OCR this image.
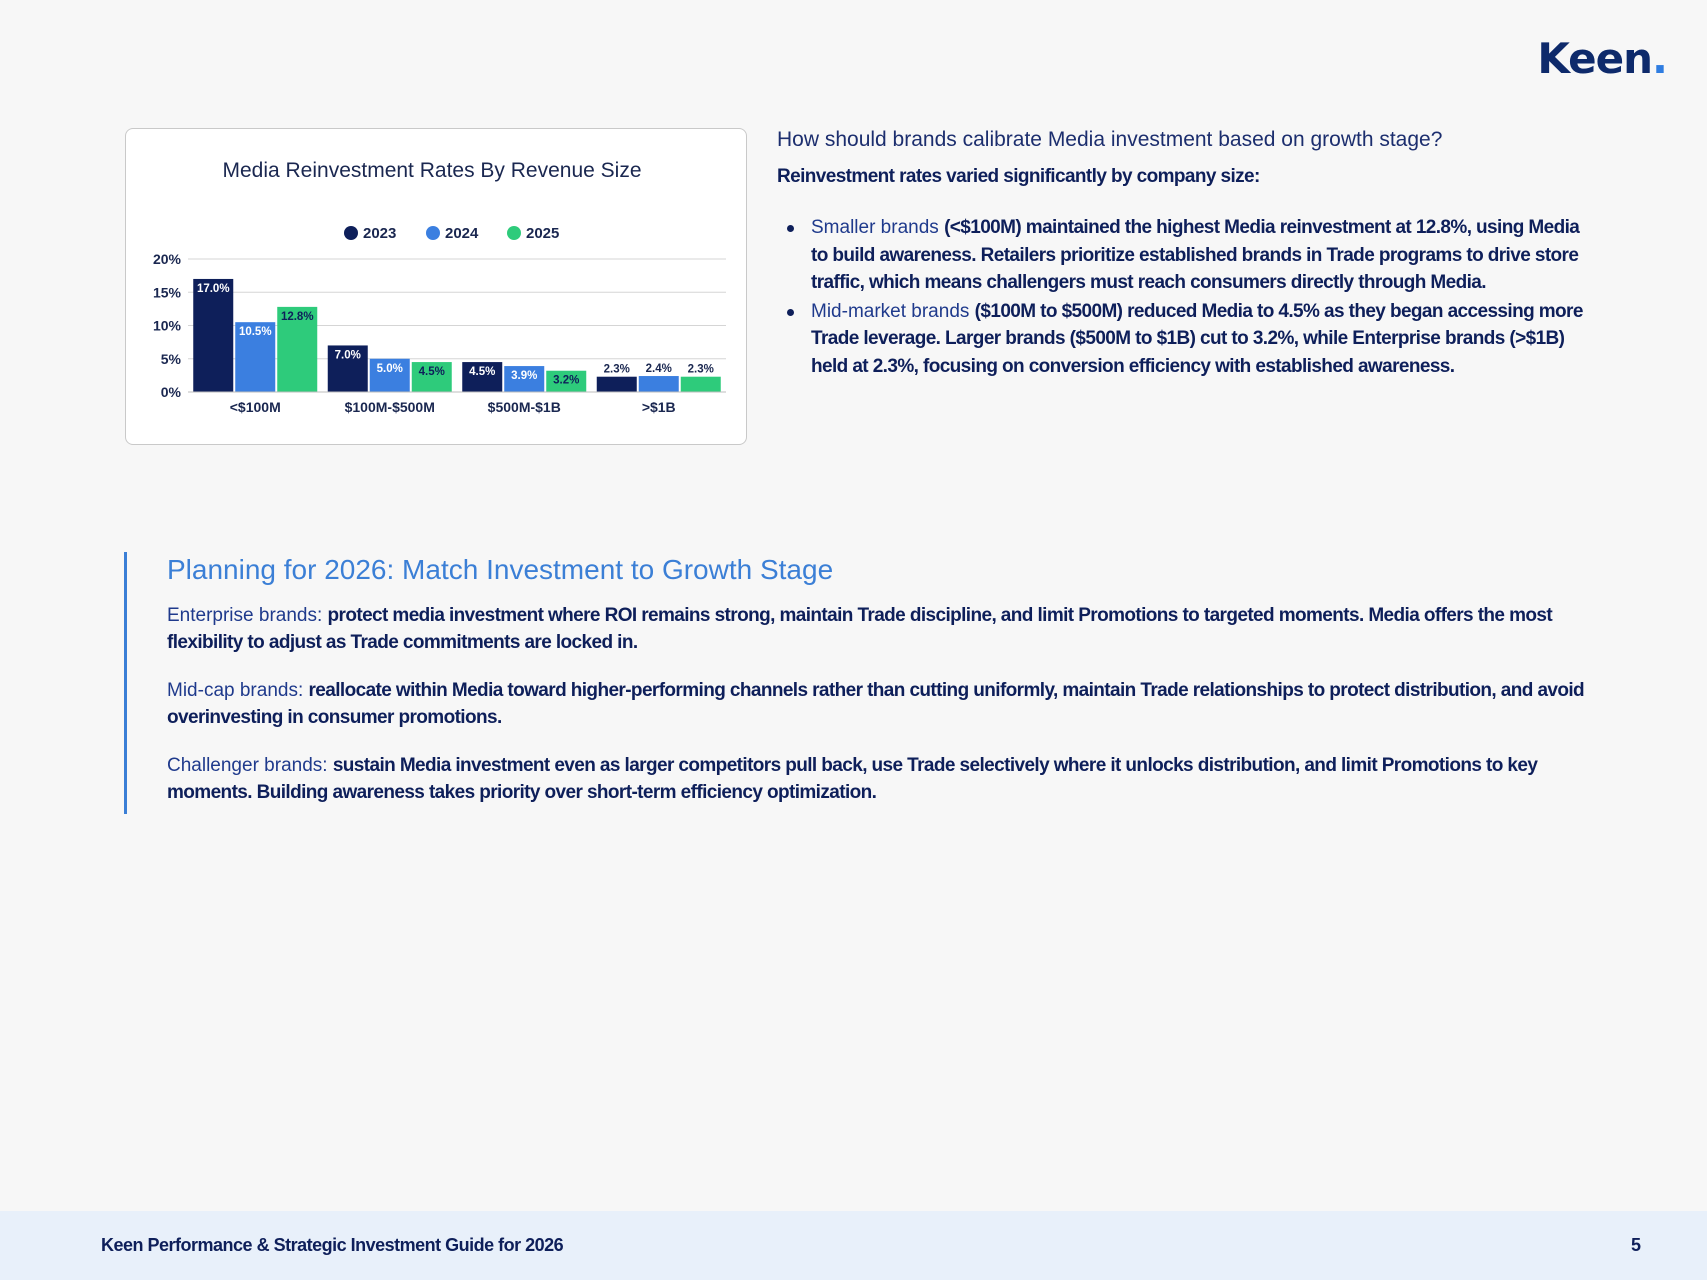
Keen.
Media Reinvestment Rates By Revenue Size
2023	2024	2025
0%
5%
10%
15%
20%
17.0%
10.5%
12.8%
<$100M
7.0%
5.0% 4.5%
$100M-$500M
4.5% 3.9% 3.2%
$500M-$1B
2.3% 2.4% 2.3%
>$1B
How should brands calibrate Media investment based on growth stage?
Reinvestment rates varied significantly by company size:
Smaller brands (<$100M) maintained the highest Media reinvestment at 12.8%, using Media to build awareness. Retailers prioritize established brands in Trade programs to drive store traffic, which means challengers must reach consumers directly through Media.
Mid-market brands ($100M to $500M) reduced Media to 4.5% as they began accessing more Trade leverage. Larger brands ($500M to $1B) cut to 3.2%, while Enterprise brands (>$1B) held at 2.3%, focusing on conversion efficiency with established awareness.
Planning for 2026: Match Investment to Growth Stage

Enterprise brands: protect media investment where ROI remains strong, maintain Trade discipline, and limit Promotions to targeted moments. Media offers the most flexibility to adjust as Trade commitments are locked in.

Mid-cap brands: reallocate within Media toward higher-performing channels rather than cutting uniformly, maintain Trade relationships to protect distribution, and avoid overinvesting in consumer promotions.

Challenger brands: sustain Media investment even as larger competitors pull back, use Trade selectively where it unlocks distribution, and limit Promotions to key moments. Building awareness takes priority over short-term efficiency optimization.

Keen Performance & Strategic Investment Guide for 2026	5
